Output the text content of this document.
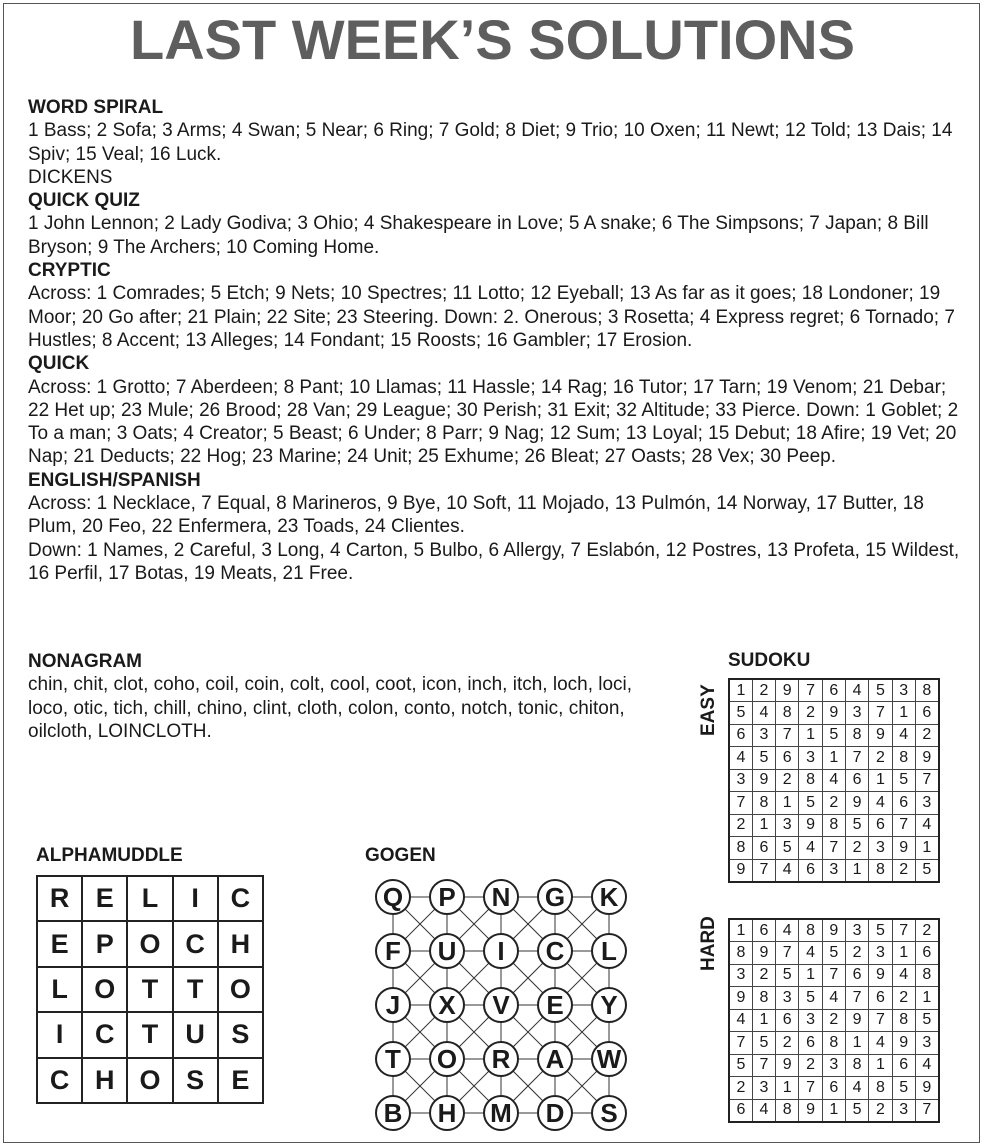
LAST WEEK’S SOLUTIONS

WORD SPIRAL

1 Bass; 2 Sofa; 3 Arms; 4 Swan; 5 Near; 6 Ring; 7 Gold; 8 Diet; 9 Trio; 10 Oxen; 11 Newt; 12 Told; 13 Dais; 14 Spiv; 15 Veal; 16 Luck.

DICKENS

QUICK QUIZ

1 John Lennon; 2 Lady Godiva; 3 Ohio; 4 Shakespeare in Love; 5 A snake; 6 The Simpsons; 7 Japan; 8 Bill Bryson; 9 The Archers; 10 Coming Home.

CRYPTIC

Across: 1 Comrades; 5 Etch; 9 Nets; 10 Spectres; 11 Lotto; 12 Eyeball; 13 As far as it goes; 18 Londoner; 19 Moor; 20 Go after; 21 Plain; 22 Site; 23 Steering. Down: 2. Onerous; 3 Rosetta; 4 Express regret; 6 Tornado; 7 Hustles; 8 Accent; 13 Alleges; 14 Fondant; 15 Roosts; 16 Gambler; 17 Erosion.

QUICK

Across: 1 Grotto; 7 Aberdeen; 8 Pant; 10 Llamas; 11 Hassle; 14 Rag; 16 Tutor; 17 Tarn; 19 Venom; 21 Debar; 22 Het up; 23 Mule; 26 Brood; 28 Van; 29 League; 30 Perish; 31 Exit; 32 Altitude; 33 Pierce. Down: 1 Goblet; 2 To a man; 3 Oats; 4 Creator; 5 Beast; 6 Under; 8 Parr; 9 Nag; 12 Sum; 13 Loyal; 15 Debut; 18 Afire; 19 Vet; 20 Nap; 21 Deducts; 22 Hog; 23 Marine; 24 Unit; 25 Exhume; 26 Bleat; 27 Oasts; 28 Vex; 30 Peep.

ENGLISH/SPANISH

Across: 1 Necklace, 7 Equal, 8 Marineros, 9 Bye, 10 Soft, 11 Mojado, 13 Pulmón, 14 Norway, 17 Butter, 18 Plum, 20 Feo, 22 Enfermera, 23 Toads, 24 Clientes.

Down: 1 Names, 2 Careful, 3 Long, 4 Carton, 5 Bulbo, 6 Allergy, 7 Eslabón, 12 Postres, 13 Profeta, 15 Wildest, 16 Perfil, 17 Botas, 19 Meats, 21 Free.

NONAGRAM

chin, chit, clot, coho, coil, coin, colt, cool, coot, icon, inch, itch, loch, loci, loco, otic, tich, chill, chino, clint, cloth, colon, conto, notch, tonic, chiton, oilcloth, LOINCLOTH.

SUDOKU
EASY
HARD
1	2	9	7	6	4	5	3	8
5	4	8	2	9	3	7	1	6
6	3	7	1	5	8	9	4	2
4	5	6	3	1	7	2	8	9
3	9	2	8	4	6	1	5	7
7	8	1	5	2	9	4	6	3
2	1	3	9	8	5	6	7	4
8	6	5	4	7	2	3	9	1
9	7	4	6	3	1	8	2	5
1	6	4	8	9	3	5	7	2
8	9	7	4	5	2	3	1	6
3	2	5	1	7	6	9	4	8
9	8	3	5	4	7	6	2	1
4	1	6	3	2	9	7	8	5
7	5	2	6	8	1	4	9	3
5	7	9	2	3	8	1	6	4
2	3	1	7	6	4	8	5	9
6	4	8	9	1	5	2	3	7
ALPHAMUDDLE
R	E	L	I	C
E	P	O	C	H
L	O	T	T	O
I	C	T	U	S
C	H	O	S	E
GOGEN
Q P N G K
F U I C L
J X V E Y
T O R A W
B H M D S
